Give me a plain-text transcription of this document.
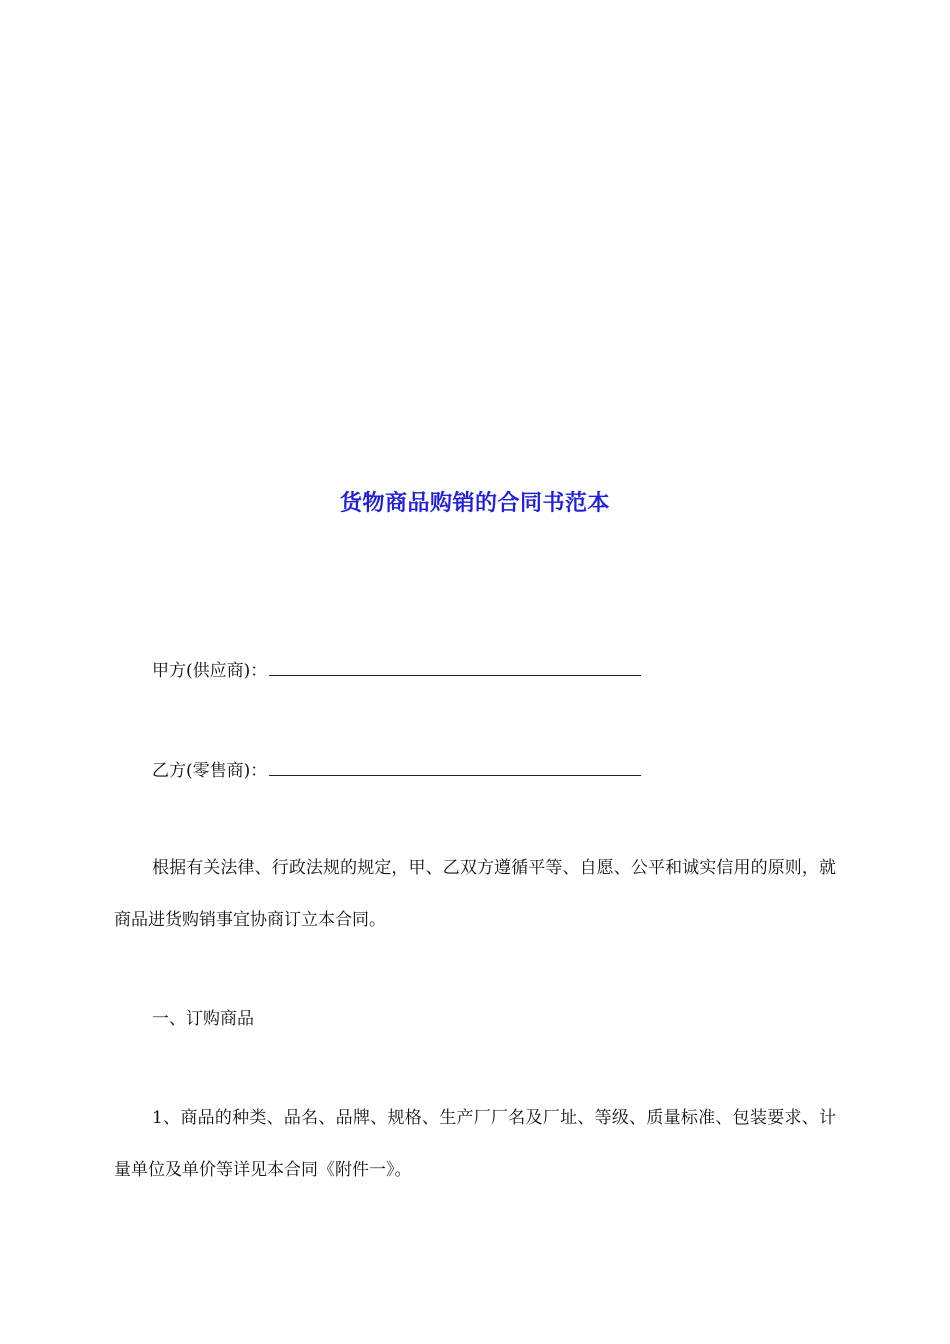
货物商品购销的合同书范本
甲方(供应商)：
乙方(零售商)：
根据有关法律、行政法规的规定，甲、乙双方遵循平等、自愿、公平和诚实信用的原则，就商品进货购销事宜协商订立本合同。
一、订购商品
1、商品的种类、品名、品牌、规格、生产厂厂名及厂址、等级、质量标准、包装要求、计量单位及单价等详见本合同《附件一》。
